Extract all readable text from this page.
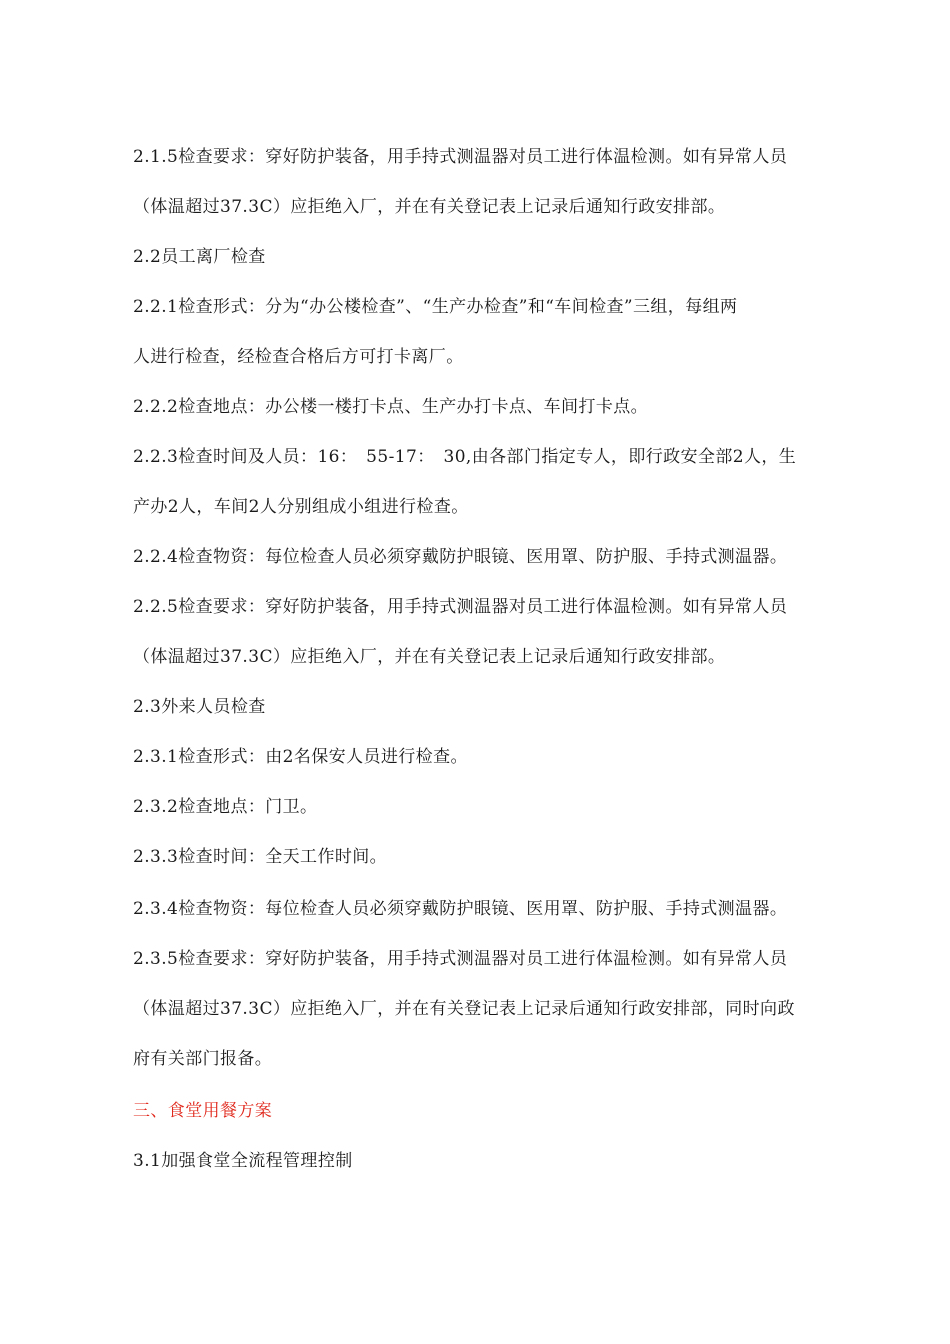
2.1.5检查要求：穿好防护装备，用手持式测温器对员工进行体温检测。如有异常人员
（体温超过37.3C）应拒绝入厂，并在有关登记表上记录后通知行政安排部。
2.2员工离厂检查
2.2.1检查形式：分为“办公楼检查”、“生产办检查”和“车间检查”三组，每组两
人进行检查，经检查合格后方可打卡离厂。
2.2.2检查地点：办公楼一楼打卡点、生产办打卡点、车间打卡点。
2.2.3检查时间及人员：16：　55-17：　30,由各部门指定专人，即行政安全部2人，生
产办2人，车间2人分别组成小组进行检查。
2.2.4检查物资：每位检查人员必须穿戴防护眼镜、医用罩、防护服、手持式测温器。
2.2.5检查要求：穿好防护装备，用手持式测温器对员工进行体温检测。如有异常人员
（体温超过37.3C）应拒绝入厂，并在有关登记表上记录后通知行政安排部。
2.3外来人员检查
2.3.1检查形式：由2名保安人员进行检查。
2.3.2检查地点：门卫。
2.3.3检查时间：全天工作时间。
2.3.4检查物资：每位检查人员必须穿戴防护眼镜、医用罩、防护服、手持式测温器。
2.3.5检查要求：穿好防护装备，用手持式测温器对员工进行体温检测。如有异常人员
（体温超过37.3C）应拒绝入厂，并在有关登记表上记录后通知行政安排部，同时向政
府有关部门报备。
三、食堂用餐方案
3.1加强食堂全流程管理控制
